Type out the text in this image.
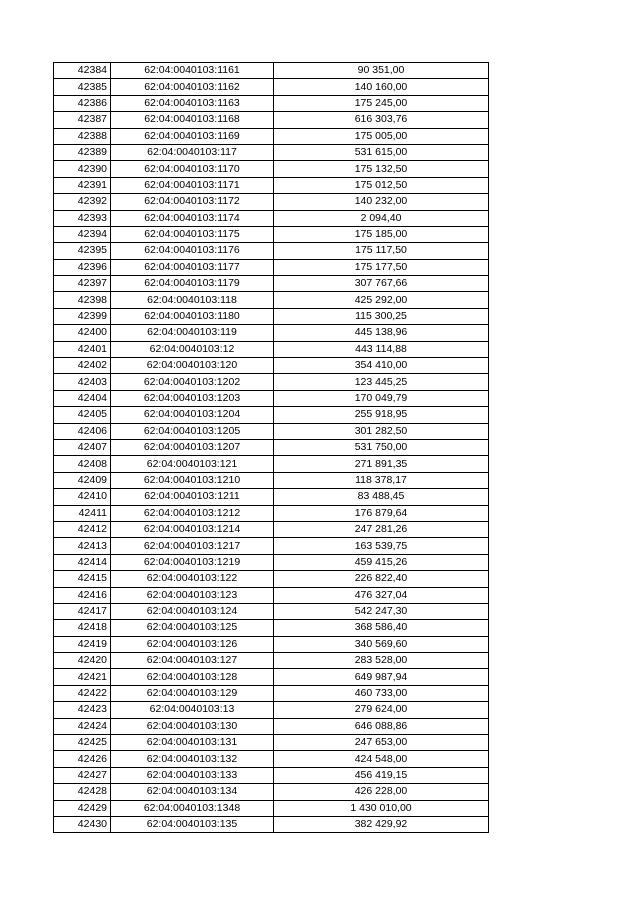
42384	62:04:0040103:1161	90 351,00
42385	62:04:0040103:1162	140 160,00
42386	62:04:0040103:1163	175 245,00
42387	62:04:0040103:1168	616 303,76
42388	62:04:0040103:1169	175 005,00
42389	62:04:0040103:117	531 615,00
42390	62:04:0040103:1170	175 132,50
42391	62:04:0040103:1171	175 012,50
42392	62:04:0040103:1172	140 232,00
42393	62:04:0040103:1174	2 094,40
42394	62:04:0040103:1175	175 185,00
42395	62:04:0040103:1176	175 117,50
42396	62:04:0040103:1177	175 177,50
42397	62:04:0040103:1179	307 767,66
42398	62:04:0040103:118	425 292,00
42399	62:04:0040103:1180	115 300,25
42400	62:04:0040103:119	445 138,96
42401	62:04:0040103:12	443 114,88
42402	62:04:0040103:120	354 410,00
42403	62:04:0040103:1202	123 445,25
42404	62:04:0040103:1203	170 049,79
42405	62:04:0040103:1204	255 918,95
42406	62:04:0040103:1205	301 282,50
42407	62:04:0040103:1207	531 750,00
42408	62:04:0040103:121	271 891,35
42409	62:04:0040103:1210	118 378,17
42410	62:04:0040103:1211	83 488,45
42411	62:04:0040103:1212	176 879,64
42412	62:04:0040103:1214	247 281,26
42413	62:04:0040103:1217	163 539,75
42414	62:04:0040103:1219	459 415,26
42415	62:04:0040103:122	226 822,40
42416	62:04:0040103:123	476 327,04
42417	62:04:0040103:124	542 247,30
42418	62:04:0040103:125	368 586,40
42419	62:04:0040103:126	340 569,60
42420	62:04:0040103:127	283 528,00
42421	62:04:0040103:128	649 987,94
42422	62:04:0040103:129	460 733,00
42423	62:04:0040103:13	279 624,00
42424	62:04:0040103:130	646 088,86
42425	62:04:0040103:131	247 653,00
42426	62:04:0040103:132	424 548,00
42427	62:04:0040103:133	456 419,15
42428	62:04:0040103:134	426 228,00
42429	62:04:0040103:1348	1 430 010,00
42430	62:04:0040103:135	382 429,92
